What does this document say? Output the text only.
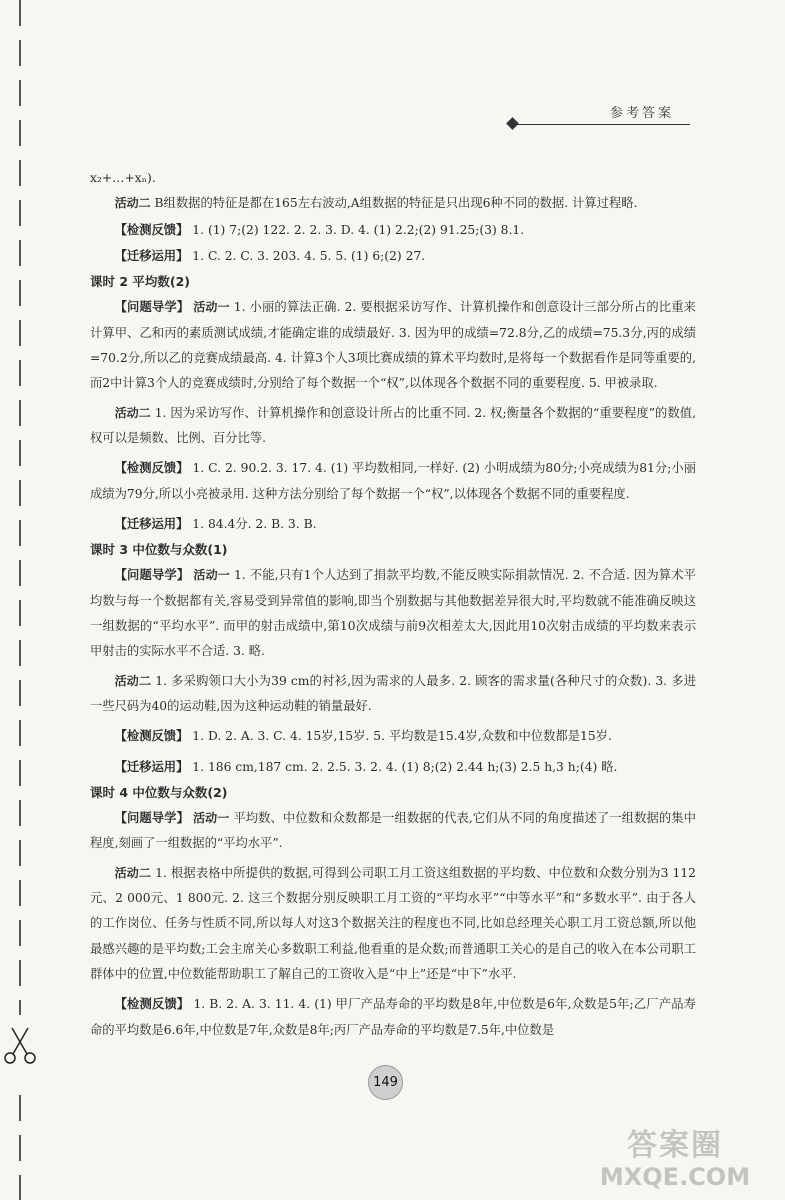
参考答案

x₂+…+xₙ).

活动二 B组数据的特征是都在165左右波动,A组数据的特征是只出现6种不同的数据. 计算过程略.

【检测反馈】 1. (1) 7;(2) 122. 2. 2. 3. D. 4. (1) 2.2;(2) 91.25;(3) 8.1.

【迁移运用】 1. C. 2. C. 3. 203. 4. 5. 5. (1) 6;(2) 27.

课时 2 平均数(2)

【问题导学】 活动一 1. 小丽的算法正确. 2. 要根据采访写作、计算机操作和创意设计三部分所占的比重来计算甲、乙和丙的素质测试成绩,才能确定谁的成绩最好. 3. 因为甲的成绩=72.8分,乙的成绩=75.3分,丙的成绩=70.2分,所以乙的竞赛成绩最高. 4. 计算3个人3项比赛成绩的算术平均数时,是将每一个数据看作是同等重要的,而2中计算3个人的竞赛成绩时,分别给了每个数据一个“权”,以体现各个数据不同的重要程度. 5. 甲被录取.

活动二 1. 因为采访写作、计算机操作和创意设计所占的比重不同. 2. 权;衡量各个数据的“重要程度”的数值,权可以是频数、比例、百分比等.

【检测反馈】 1. C. 2. 90.2. 3. 17. 4. (1) 平均数相同,一样好. (2) 小明成绩为80分;小亮成绩为81分;小丽成绩为79分,所以小亮被录用. 这种方法分别给了每个数据一个“权”,以体现各个数据不同的重要程度.

【迁移运用】 1. 84.4分. 2. B. 3. B.

课时 3 中位数与众数(1)

【问题导学】 活动一 1. 不能,只有1个人达到了捐款平均数,不能反映实际捐款情况. 2. 不合适. 因为算术平均数与每一个数据都有关,容易受到异常值的影响,即当个别数据与其他数据差异很大时,平均数就不能准确反映这一组数据的“平均水平”. 而甲的射击成绩中,第10次成绩与前9次相差太大,因此用10次射击成绩的平均数来表示甲射击的实际水平不合适. 3. 略.

活动二 1. 多采购领口大小为39 cm的衬衫,因为需求的人最多. 2. 顾客的需求量(各种尺寸的众数). 3. 多进一些尺码为40的运动鞋,因为这种运动鞋的销量最好.

【检测反馈】 1. D. 2. A. 3. C. 4. 15岁,15岁. 5. 平均数是15.4岁,众数和中位数都是15岁.

【迁移运用】 1. 186 cm,187 cm. 2. 2.5. 3. 2. 4. (1) 8;(2) 2.44 h;(3) 2.5 h,3 h;(4) 略.

课时 4 中位数与众数(2)

【问题导学】 活动一 平均数、中位数和众数都是一组数据的代表,它们从不同的角度描述了一组数据的集中程度,刻画了一组数据的“平均水平”.

活动二 1. 根据表格中所提供的数据,可得到公司职工月工资这组数据的平均数、中位数和众数分别为3 112元、2 000元、1 800元. 2. 这三个数据分别反映职工月工资的“平均水平”“中等水平”和“多数水平”. 由于各人的工作岗位、任务与性质不同,所以每人对这3个数据关注的程度也不同,比如总经理关心职工月工资总额,所以他最感兴趣的是平均数;工会主席关心多数职工利益,他看重的是众数;而普通职工关心的是自己的收入在本公司职工群体中的位置,中位数能帮助职工了解自己的工资收入是“中上”还是“中下”水平.

【检测反馈】 1. B. 2. A. 3. 11. 4. (1) 甲厂产品寿命的平均数是8年,中位数是6年,众数是5年;乙厂产品寿命的平均数是6.6年,中位数是7年,众数是8年;丙厂产品寿命的平均数是7.5年,中位数是

149
答案圈
MXQE.COM
